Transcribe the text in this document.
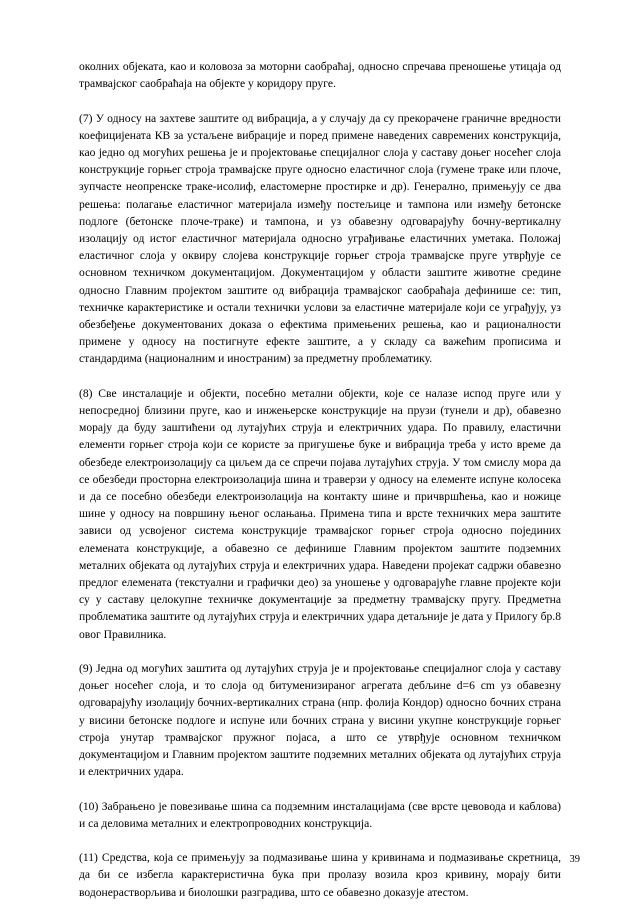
околних објеката, као и коловоза за моторни саобраћај, односно спречава преношење утицаја од трамвајског саобраћаја на објекте у коридору пруге.

(7) У односу на захтеве заштите од вибрација, а у случају да су прекорачене граничне вредности коефицијената КВ за устаљене вибрације и поред примене наведених савремених конструкција, као једно од могућих решења је и пројектовање специјалног слоја у саставу доњег носећег слоја конструкције горњег строја трамвајске пруге односно еластичног слоја (гумене траке или плоче, зупчасте неопренске траке-исолиф, еластомерне простирке и др). Генерално, примењују се два решења: полагање еластичног материјала између постељице и тампона или између бетонске подлоге (бетонске плоче-траке) и тампона, и уз обавезну одговарајућу бочну-вертикалну изолацију од истог еластичног материјала односно уграђивање еластичних уметака. Положај еластичног слоја у оквиру слојева конструкције горњег строја трамвајске пруге утврђује се основном техничком документацијом. Документацијом у области заштите животне средине односно Главним пројектом заштите од вибрација трамвајског саобраћаја дефинише се: тип, техничке карактеристике и остали технички услови за еластичне материјале који се уграђују, уз обезбеђење документованих доказа о ефектима примењених решења, као и рационалности примене у односу на постигнуте ефекте заштите, а у складу са важећим прописима и стандардима (националним и иностраним) за предметну проблематику.

(8) Све инсталације и објекти, посебно метални објекти, које се налазе испод пруге или у непосредној близини пруге, као и инжењерске конструкције на прузи (тунели и др), обавезно морају да буду заштићени од лутајућих струја и електричних удара. По правилу, еластични елементи горњег строја који се користе за пригушење буке и вибрација треба у исто време да обезбеде електроизолацију са циљем да се спречи појава лутајућих струја. У том смислу мора да се обезбеди просторна електроизолација шина и траверзи у односу на елементе испуне колосека и да се посебно обезбеди електроизолација на контакту шине и причвршћења, као и ножице шине у односу на површину њеног ослањања. Примена типа и врсте техничких мера заштите зависи од усвојеног система конструкције трамвајског горњег строја односно појединих елемената конструкције, а обавезно се дефинише Главним пројектом заштите подземних металних објеката од лутајућих струја и електричних удара. Наведени пројекат садржи обавезно предлог елемената (текстуални и графички део) за уношење у одговарајуће главне пројекте који су у саставу целокупне техничке документације за предметну трамвајску пругу. Предметна проблематика заштите од лутајућих струја и електричних удара детаљније је дата у Прилогу бр.8 овог Правилника.

(9) Једна од могућих заштита од лутајућих струја је и пројектовање специјалног слоја у саставу доњег носећег слоја, и то слоја од битуменизираног агрегата дебљине d=6 cm уз обавезну одговарајућу изолацију бочних-вертикалних страна (нпр. фолија Кондор) односно бочних страна у висини бетонске подлоге и испуне или бочних страна у висини укупне конструкције горњег строја унутар трамвајског пружног појаса, а што се утврђује основном техничком документацијом и Главним пројектом заштите подземних металних објеката од лутајућих струја и електричних удара.

(10) Забрањено је повезивање шина са подземним инсталацијама (све врсте цевовода и каблова) и са деловима металних и електропроводних конструкција.

(11) Средства, која се примењују за подмазивање шина у кривинама и подмазивање скретница, да би се избегла карактеристична бука при пролазу возила кроз кривину, морају бити водонерастворљива и биолошки разградива, што се обавезно доказује атестом.

39
